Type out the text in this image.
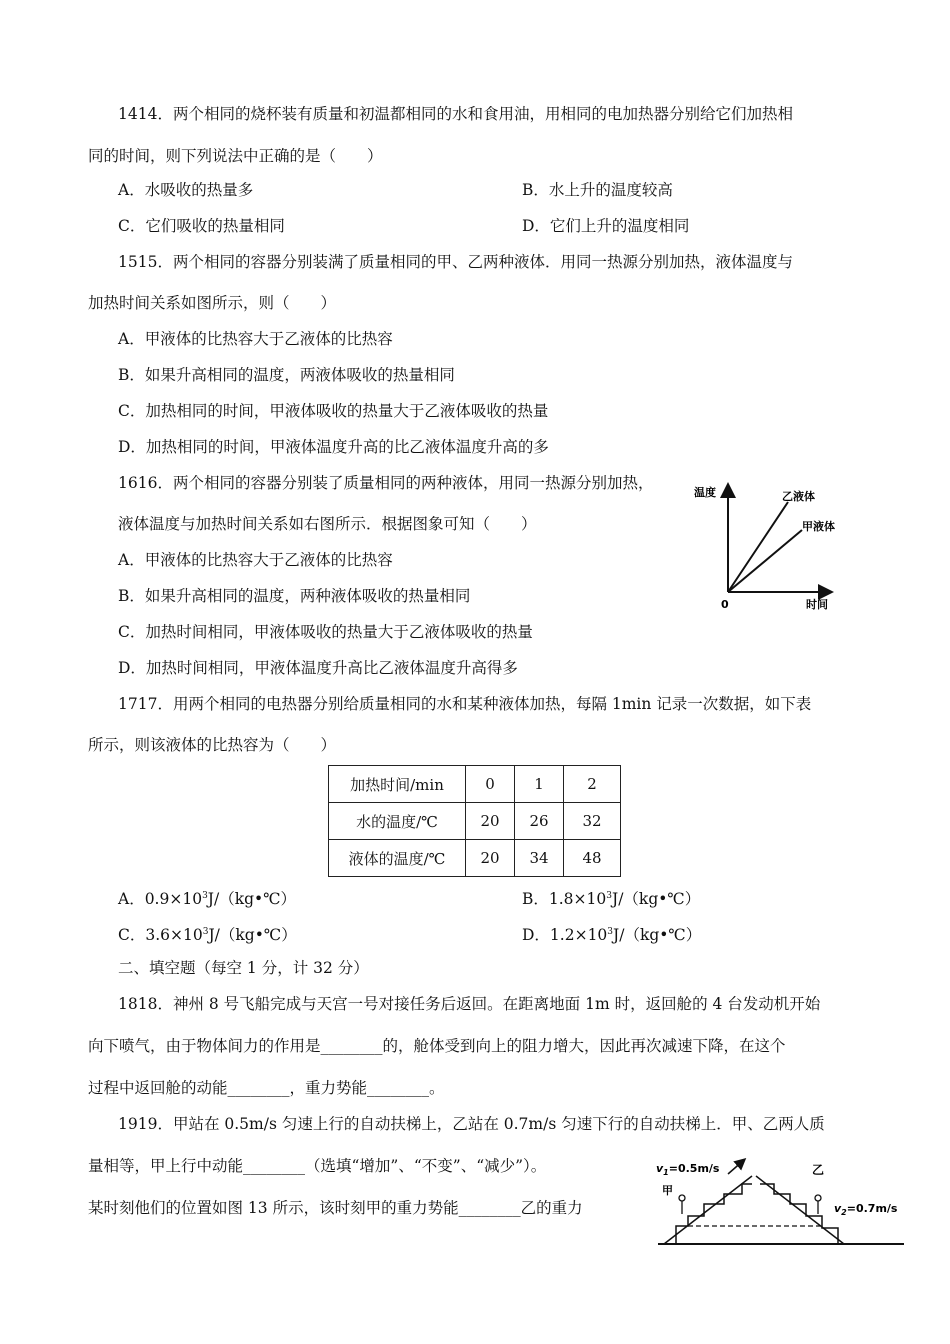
1414．两个相同的烧杯装有质量和初温都相同的水和食用油，用相同的电加热器分别给它们加热相
同的时间，则下列说法中正确的是（　　）
A．水吸收的热量多	B．水上升的温度较高
C．它们吸收的热量相同	D．它们上升的温度相同
1515．两个相同的容器分别装满了质量相同的甲、乙两种液体．用同一热源分别加热，液体温度与
加热时间关系如图所示，则（　　）
A．甲液体的比热容大于乙液体的比热容
B．如果升高相同的温度，两液体吸收的热量相同
C．加热相同的时间，甲液体吸收的热量大于乙液体吸收的热量
D．加热相同的时间，甲液体温度升高的比乙液体温度升高的多
1616．两个相同的容器分别装了质量相同的两种液体，用同一热源分别加热，
液体温度与加热时间关系如右图所示．根据图象可知（　　）
A．甲液体的比热容大于乙液体的比热容
B．如果升高相同的温度，两种液体吸收的热量相同
C．加热时间相同，甲液体吸收的热量大于乙液体吸收的热量
D．加热时间相同，甲液体温度升高比乙液体温度升高得多
温度
时间
0
乙液体
甲液体
1717．用两个相同的电热器分别给质量相同的水和某种液体加热，每隔 1min 记录一次数据，如下表
所示，则该液体的比热容为（　　）
加热时间/min	0	1	2
水的温度/℃	20	26	32
液体的温度/℃	20	34	48
A．$0.9\times 10^3J/(kg•℃)$	B．$1.8\times 10^3J/(kg•℃)$
C．$3.6\times 10^3J/(kg•℃)$	D．$1.2\times 10^3J/(kg•℃)$
二、填空题（每空 1 分，计 32 分）
1818．神州 8 号飞船完成与天宫一号对接任务后返回。在距离地面 1m 时，返回舱的 4 台发动机开始
向下喷气，由于物体间力的作用是________的，舱体受到向上的阻力增大，因此再次减速下降，在这个
过程中返回舱的动能________，重力势能________。
1919．甲站在 0.5m/s 匀速上行的自动扶梯上，乙站在 0.7m/s 匀速下行的自动扶梯上．甲、乙两人质
量相等，甲上行中动能________（选填“增加”、“不变”、“减少”）。
某时刻他们的位置如图 13 所示，该时刻甲的重力势能________乙的重力
$v_1=0.5m/s$
甲
乙
$v_2=0.7m/s$
